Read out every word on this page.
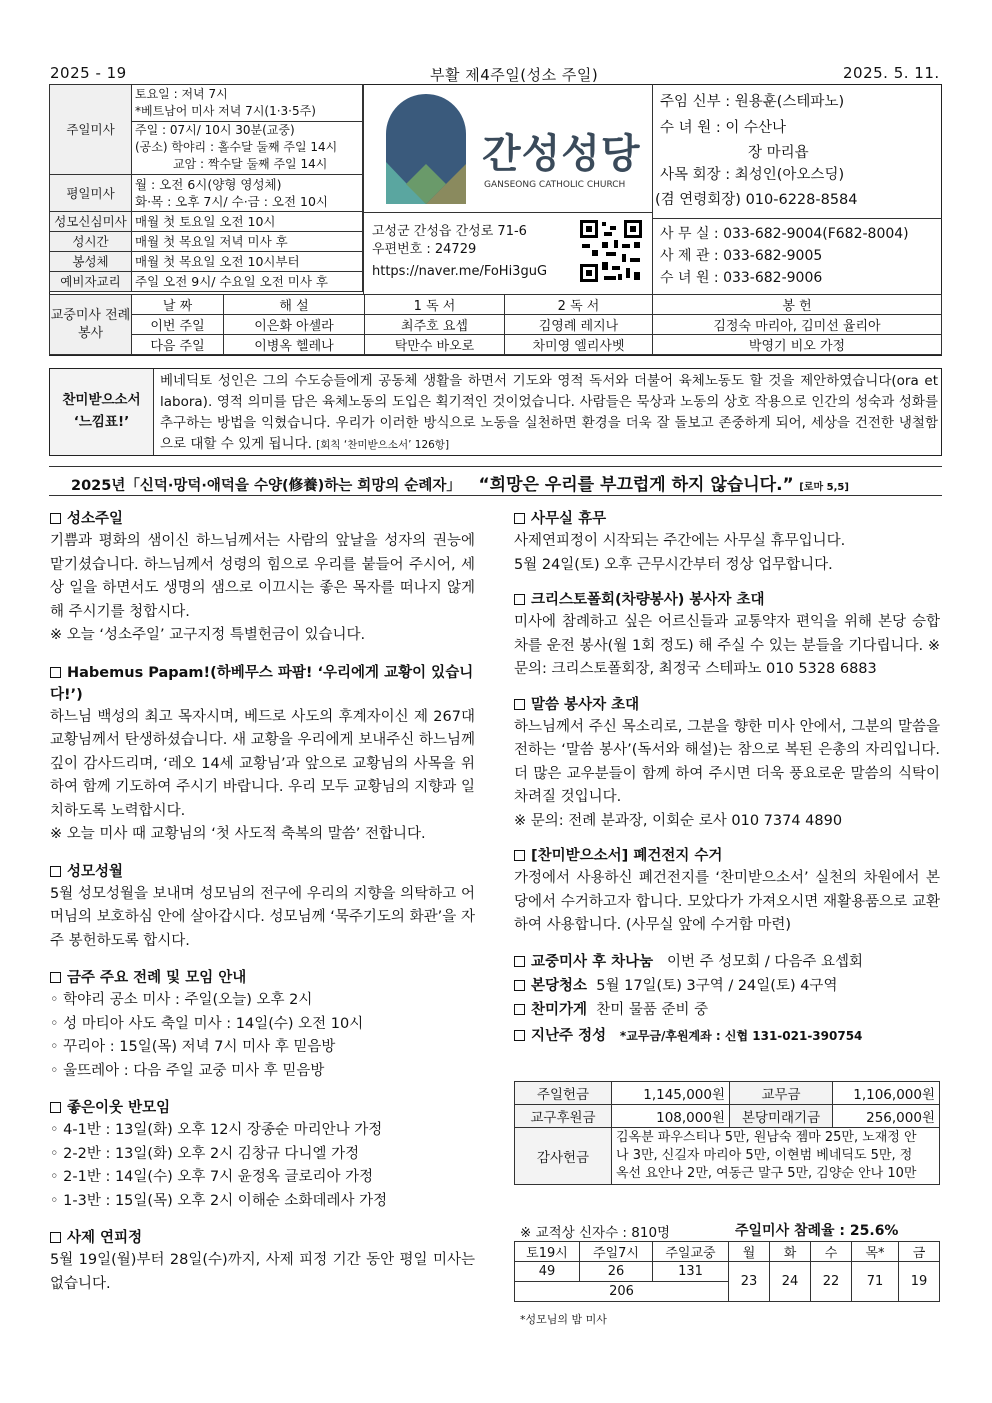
2025 - 19	부활 제4주일(성소 주일)	2025. 5. 11.
주일미사	토요일 : 저녁 7시
*베트남어 미사 저녁 7시(1·3·5주)
주일 : 07시/ 10시 30분(교중)
(공소) 학야리 : 홀수달 둘째 주일 14시
교암 : 짝수달 둘째 주일 14시

평일미사	월 : 오전 6시(양형 영성체)
화·목 : 오후 7시/ 수·금 : 오전 10시

성모신심미사	매월 첫 토요일 오전 10시
성시간	매월 첫 목요일 저녁 미사 후
봉성체	매월 첫 목요일 오전 10시부터
예비자교리	주일 오전 9시/ 수요일 오전 미사 후
간성성당
GANSEONG CATHOLIC CHURCH
고성군 간성읍 간성로 71-6
우편번호 : 24729
https://naver.me/FoHi3guG
주임 신부 : 원용훈(스테파노)
수 녀 원 : 이 수산나
장 마리욥
사목 회장 : 최성인(아오스딩)
(겸 연령회장) 010-6228-8584
사 무 실 : 033-682-9004(F682-8004)
사 제 관 : 033-682-9005
수 녀 원 : 033-682-9006
교중미사 전례봉사	날 짜	해 설	1 독 서	2 독 서	봉 헌
	이번 주일	이은화 아셀라	최주호 요셉	김영례 레지나	김정숙 마리아, 김미선 율리아
	다음 주일	이병옥 헬레나	탁만수 바오로	차미영 엘리사벳	박영기 비오 가정
찬미받으소서
‘느낌표!’
베네딕토 성인은 그의 수도승들에게 공동체 생활을 하면서 기도와 영적 독서와 더불어 육체노동도 할 것을 제안하였습니다(ora et labora). 영적 의미를 담은 육체노동의 도입은 획기적인 것이었습니다. 사람들은 묵상과 노동의 상호 작용으로 인간의 성숙과 성화를 추구하는 방법을 익혔습니다. 우리가 이러한 방식으로 노동을 실천하면 환경을 더욱 잘 돌보고 존중하게 되어, 세상을 건전한 냉철함으로 대할 수 있게 됩니다. [회칙 ‘찬미받으소서’ 126항]
2025년「신덕·망덕·애덕을 수양(修養)하는 희망의 순례자」 “희망은 우리를 부끄럽게 하지 않습니다.” [로마 5,5]
성소주일

기쁨과 평화의 샘이신 하느님께서는 사람의 앞날을 성자의 권능에 맡기셨습니다. 하느님께서 성령의 힘으로 우리를 붙들어 주시어, 세상 일을 하면서도 생명의 샘으로 이끄시는 좋은 목자를 떠나지 않게 해 주시기를 청합시다.

※ 오늘 ‘성소주일’ 교구지정 특별헌금이 있습니다.

Habemus Papam!(하베무스 파팜! ‘우리에게 교황이 있습니다!’)

하느님 백성의 최고 목자시며, 베드로 사도의 후계자이신 제 267대 교황님께서 탄생하셨습니다. 새 교황을 우리에게 보내주신 하느님께 깊이 감사드리며, ‘레오 14세 교황님’과 앞으로 교황님의 사목을 위하여 함께 기도하여 주시기 바랍니다. 우리 모두 교황님의 지향과 일치하도록 노력합시다.

※ 오늘 미사 때 교황님의 ‘첫 사도적 축복의 말씀’ 전합니다.

성모성월

5월 성모성월을 보내며 성모님의 전구에 우리의 지향을 의탁하고 어머님의 보호하심 안에 살아갑시다. 성모님께 ‘묵주기도의 화관’을 자주 봉헌하도록 합시다.

금주 주요 전례 및 모임 안내
◦ 학야리 공소 미사 : 주일(오늘) 오후 2시
◦ 성 마티아 사도 축일 미사 : 14일(수) 오전 10시
◦ 꾸리아 : 15일(목) 저녁 7시 미사 후 믿음방
◦ 울뜨레아 : 다음 주일 교중 미사 후 믿음방
좋은이웃 반모임
◦ 4-1반 : 13일(화) 오후 12시 장종순 마리안나 가정
◦ 2-2반 : 13일(화) 오후 2시 김창규 다니엘 가정
◦ 2-1반 : 14일(수) 오후 7시 윤정옥 글로리아 가정
◦ 1-3반 : 15일(목) 오후 2시 이해순 소화데레사 가정
사제 연피정

5월 19일(월)부터 28일(수)까지, 사제 피정 기간 동안 평일 미사는 없습니다.

사무실 휴무

사제연피정이 시작되는 주간에는 사무실 휴무입니다.

5월 24일(토) 오후 근무시간부터 정상 업무합니다.

크리스토폴회(차량봉사) 봉사자 초대

미사에 참례하고 싶은 어르신들과 교통약자 편익을 위해 본당 승합차를 운전 봉사(월 1회 정도) 해 주실 수 있는 분들을 기다립니다. ※ 문의: 크리스토폴회장, 최정국 스테파노 010 5328 6883

말씀 봉사자 초대

하느님께서 주신 목소리로, 그분을 향한 미사 안에서, 그분의 말씀을 전하는 ‘말씀 봉사’(독서와 해설)는 참으로 복된 은총의 자리입니다. 더 많은 교우분들이 함께 하여 주시면 더욱 풍요로운 말씀의 식탁이 차려질 것입니다.

※ 문의: 전례 분과장, 이회순 로사 010 7374 4890

[찬미받으소서] 폐건전지 수거

가정에서 사용하신 폐건전지를 ‘찬미받으소서’ 실천의 차원에서 본당에서 수거하고자 합니다. 모았다가 가져오시면 재활용품으로 교환하여 사용합니다. (사무실 앞에 수거함 마련)

교중미사 후 차나눔 이번 주 성모회 / 다음주 요셉회
본당청소 5월 17일(토) 3구역 / 24일(토) 4구역
찬미가게 찬미 물품 준비 중
지난주 정성 *교무금/후원계좌 : 신협 131-021-390754
주일헌금	1,145,000원	교무금	1,106,000원
교구후원금	108,000원	본당미래기금	256,000원
감사헌금	김옥분 파우스티나 5만, 원남숙 젬마 25만, 노재정 안나 3만, 신길자 마리아 5만, 이현범 베네딕도 5만, 정옥선 요안나 2만, 여동근 말구 5만, 김양순 안나 10만		
※ 교적상 신자수 : 810명	주일미사 참례율 : 25.6%
토19시	주일7시	주일교중	월	화	수	목*	금
49	26	131	23	24	22	71	19
206							
*성모님의 밤 미사
